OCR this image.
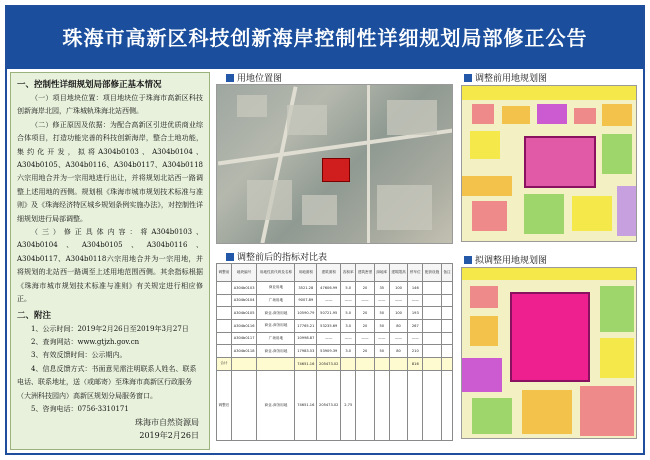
珠海市高新区科技创新海岸控制性详细规划局部修正公告
一、控制性详细规划局部修正基本情况
（一）项目地块位置：项目地块位于珠海市高新区科技创新海岸北园，广珠城轨珠海北站西侧。
（二）修正原因及依据：为配合高新区引进优质商业综合体项目，打造功能完善的科技创新海岸，整合土地功能，集约化开发，拟将A304b0103、A304b0104、A304b0105、A304b0116、A304b0117、A304b0118六宗用地合并为一宗用地进行出让，并将规划北站西一路调整上述用地的西侧。规划根《珠海市城市规划技术标准与准则》及《珠海经济特区城乡规划条例实施办法》，对控制性详细规划进行局部调整。
（三）修正具体内容：将A304b0103、A304b0104、A304b0105、A304b0116、A304b0117、A304b0118六宗用地合并为一宗用地，并将规划的北站西一路调至上述用地范围西侧。其余指标根据《珠海市城市规划技术标准与准则》有关规定进行相应修正。
二、附注
1、公示时间：2019年2月26日至2019年3月27日
2、查询网站：www.gtjzh.gov.cn
3、有效反馈时间：公示期内。
4、信息反馈方式：书面意见需注明联系人姓名、联系电话、联系地址，送（或邮寄）至珠海市高新区行政服务（大洲科技园内）高新区规划分局服务窗口。
5、咨询电话：0756-3310171
珠海市自然资源局
2019年2月26日
用地位置图	调整前用地规划图
调整前后的指标对比表	拟调整用地规划图
调整前	地块编号	用地性质代码及名称	用地面积	建筑面积	容积率	建筑密度	绿地率	建筑限高	停车位	配套设施	备注
	A304b0103	商业用地	3521.28	47606.99	5.0	20	35	100	146		
	A304b0104	广场用地	9007.89	——	——	——	——	——	——		
	A304b0105	商业-商务用地	10590.79	50721.95	5.0	20	50	100	193		
	A304b0116	商业-商务用地	17765.21	53235.69	3.0	20	50	80	267		
	A304b0117	广场用地	10998.87	——	——	——	——	——	——		
	A304b0118	商业-商务用地	17983.53	53909.39	3.0	20	50	80	210		
合计			74651.16	205473.02					816		
调整后		商业-商务用地	74651.16	205473.02	2.75						
